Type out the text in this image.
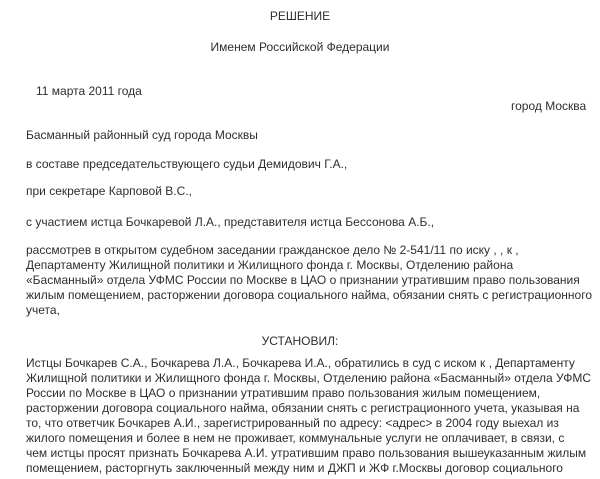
РЕШЕНИЕ
Именем Российской Федерации
11 марта 2011 года
город Москва
Басманный районный суд города Москвы
в составе председательствующего судьи Демидович Г.А.,
при секретаре Карповой В.С.,
с участием истца Бочкаревой Л.А., представителя истца Бессонова А.Б.,
рассмотрев в открытом судебном заседании гражданское дело № 2-541/11 по иску , , к ,
Департаменту Жилищной политики и Жилищного фонда г. Москвы, Отделению района
«Басманный» отдела УФМС России по Москве в ЦАО о признании утратившим право пользования
жилым помещением, расторжении договора социального найма, обязании снять с регистрационного
учета,
УСТАНОВИЛ:
Истцы Бочкарев С.А., Бочкарева Л.А., Бочкарева И.А., обратились в суд с иском к , Департаменту
Жилищной политики и Жилищного фонда г. Москвы, Отделению района «Басманный» отдела УФМС
России по Москве в ЦАО о признании утратившим право пользования жилым помещением,
расторжении договора социального найма, обязании снять с регистрационного учета, указывая на
то, что ответчик Бочкарев А.И., зарегистрированный по адресу: <адрес> в 2004 году выехал из
жилого помещения и более в нем не проживает, коммунальные услуги не оплачивает, в связи, с
чем истцы просят признать Бочкарева А.И. утратившим право пользования вышеуказанным жилым
помещением, расторгнуть заключенный между ним и ДЖП и ЖФ г.Москвы договор социального
